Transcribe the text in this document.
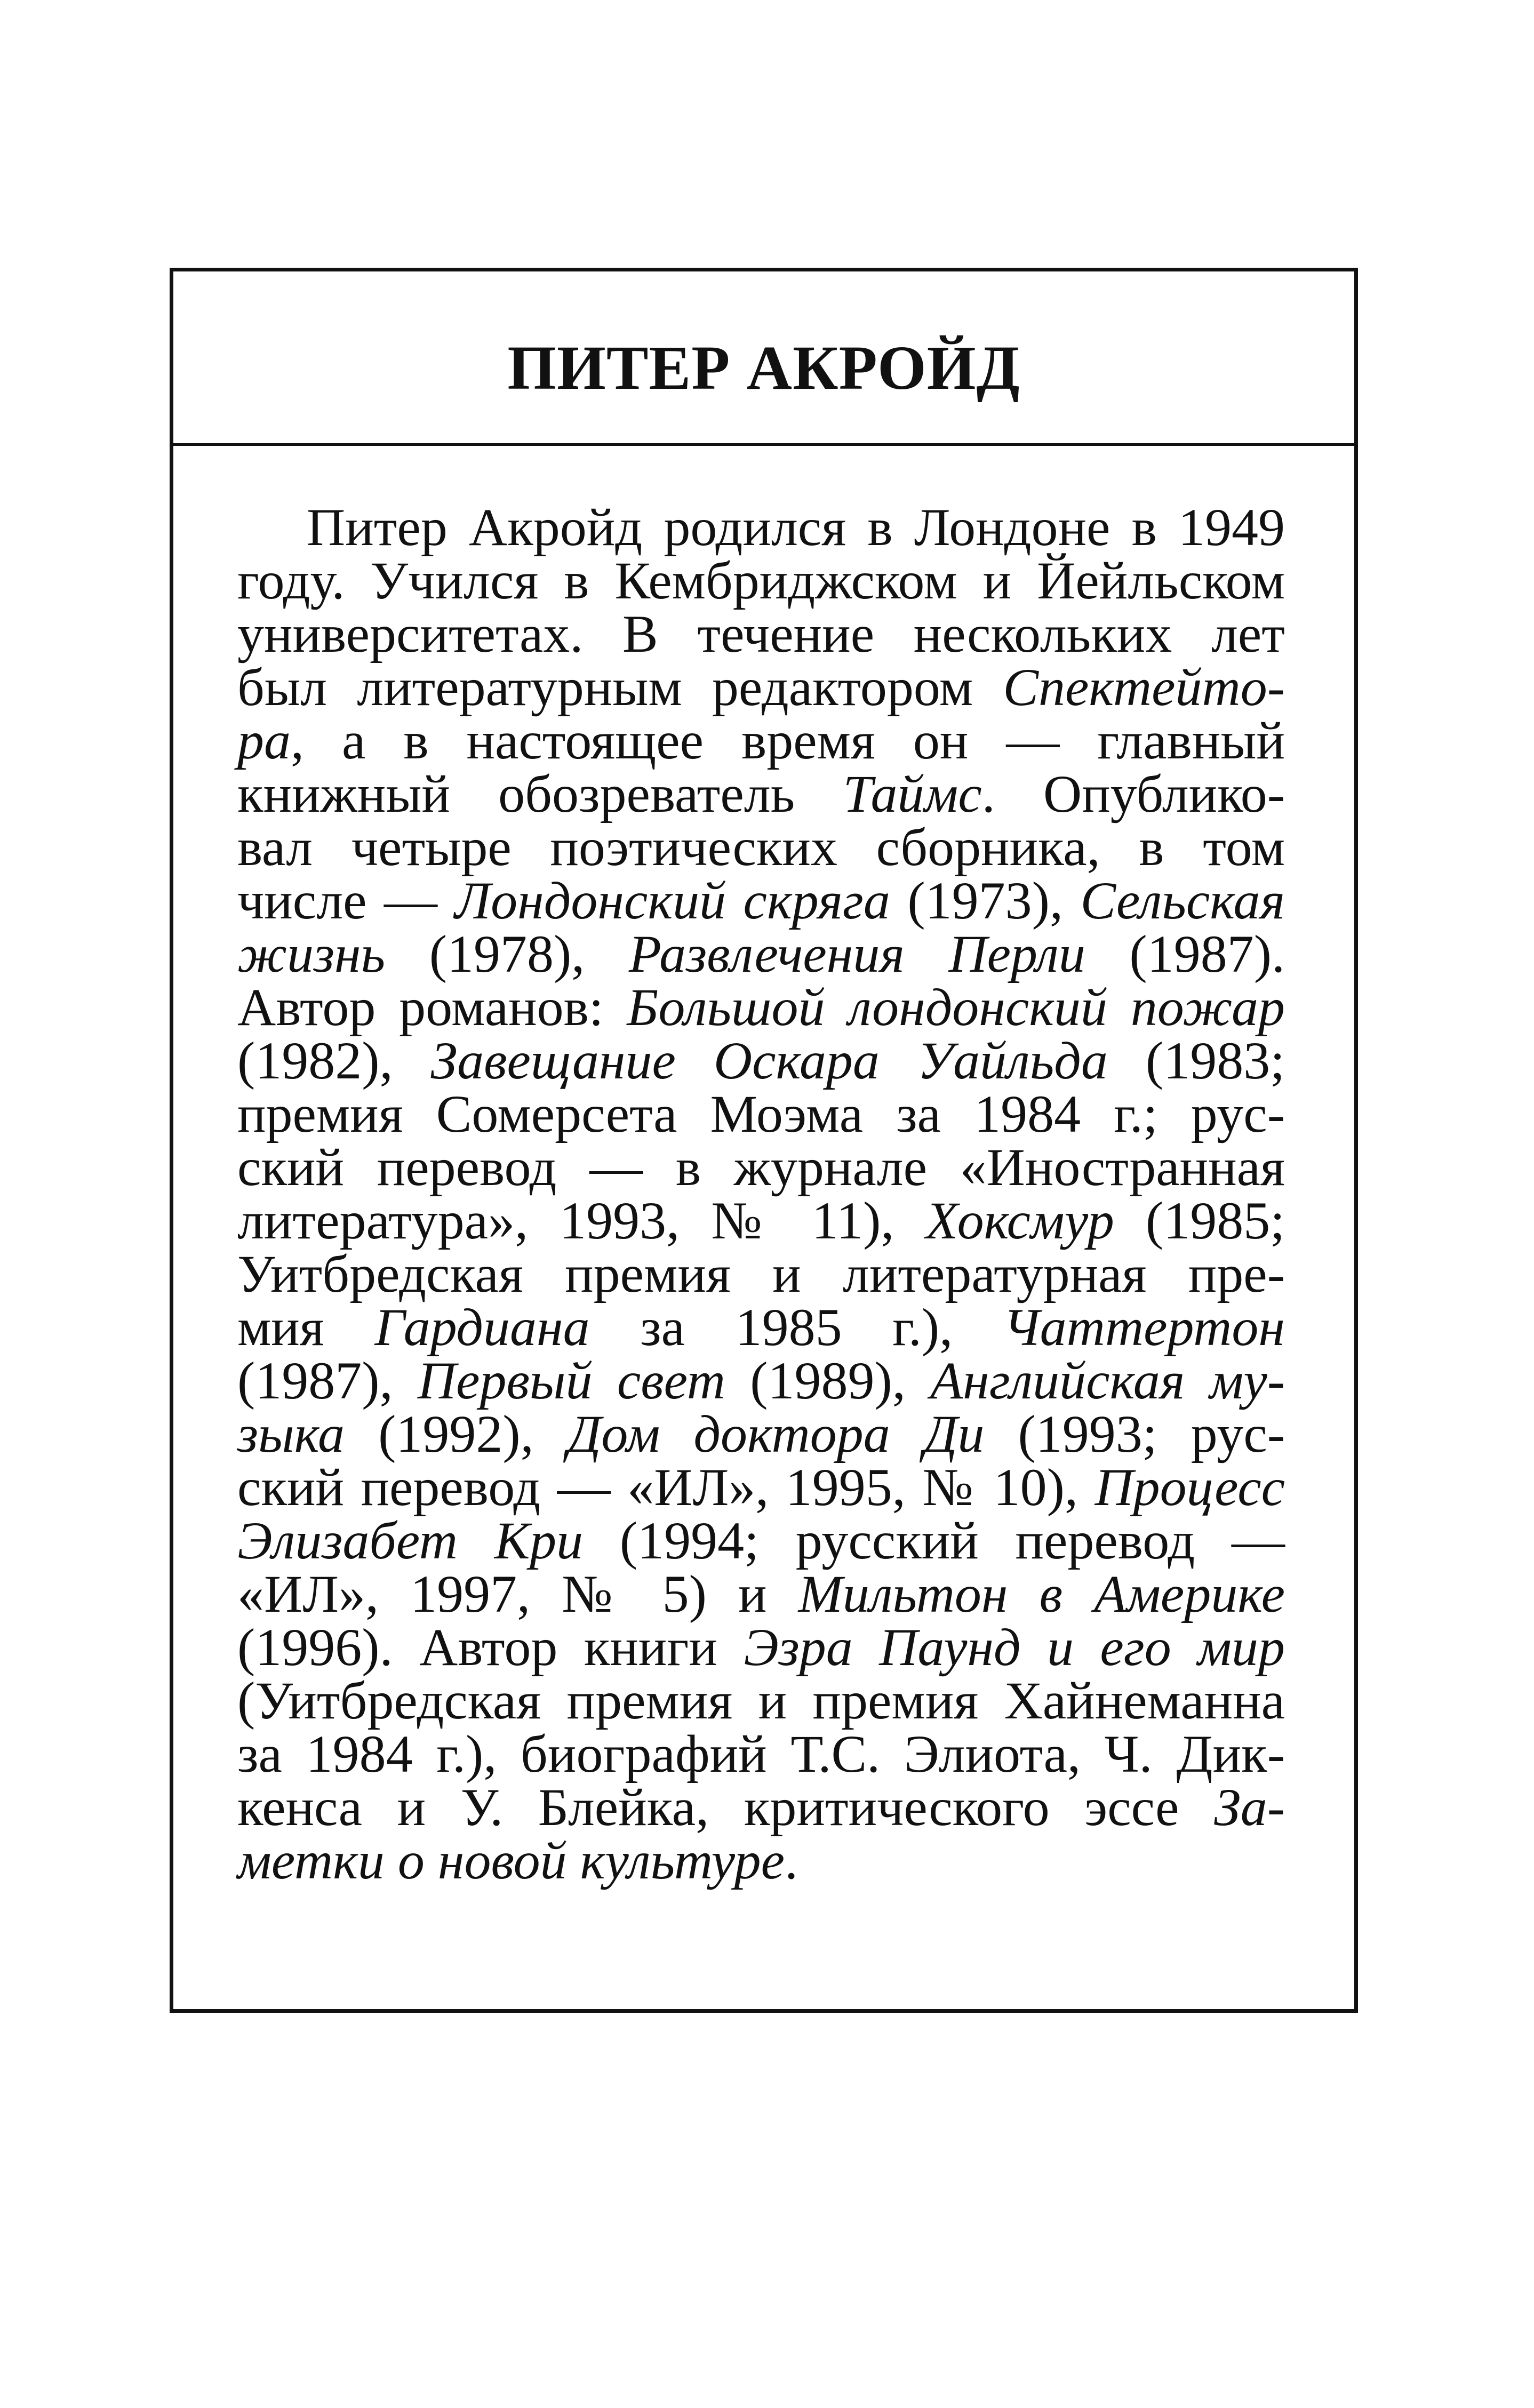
ПИТЕР АКРОЙД
Питер Акройд родился в Лондоне в 1949
году. Учился в Кембриджском и Йейльском
университетах. В течение нескольких лет
был литературным редактором Спектейто-
ра, а в настоящее время он — главный
книжный обозреватель Таймс. Опублико-
вал четыре поэтических сборника, в том
числе — Лондонский скряга (1973), Сельская
жизнь (1978), Развлечения Перли (1987).
Автор романов: Большой лондонский пожар
(1982), Завещание Оскара Уайльда (1983;
премия Сомерсета Моэма за 1984 г.; рус-
ский перевод — в журнале «Иностранная
литература», 1993, № 11), Хоксмур (1985;
Уитбредская премия и литературная пре-
мия Гардиана за 1985 г.), Чаттертон
(1987), Первый свет (1989), Английская му-
зыка (1992), Дом доктора Ди (1993; рус-
ский перевод — «ИЛ», 1995, № 10), Процесс
Элизабет Кри (1994; русский перевод —
«ИЛ», 1997, № 5) и Мильтон в Америке
(1996). Автор книги Эзра Паунд и его мир
(Уитбредская премия и премия Хайнеманна
за 1984 г.), биографий Т.С. Элиота, Ч. Дик-
кенса и У. Блейка, критического эссе За-
метки о новой культуре.
